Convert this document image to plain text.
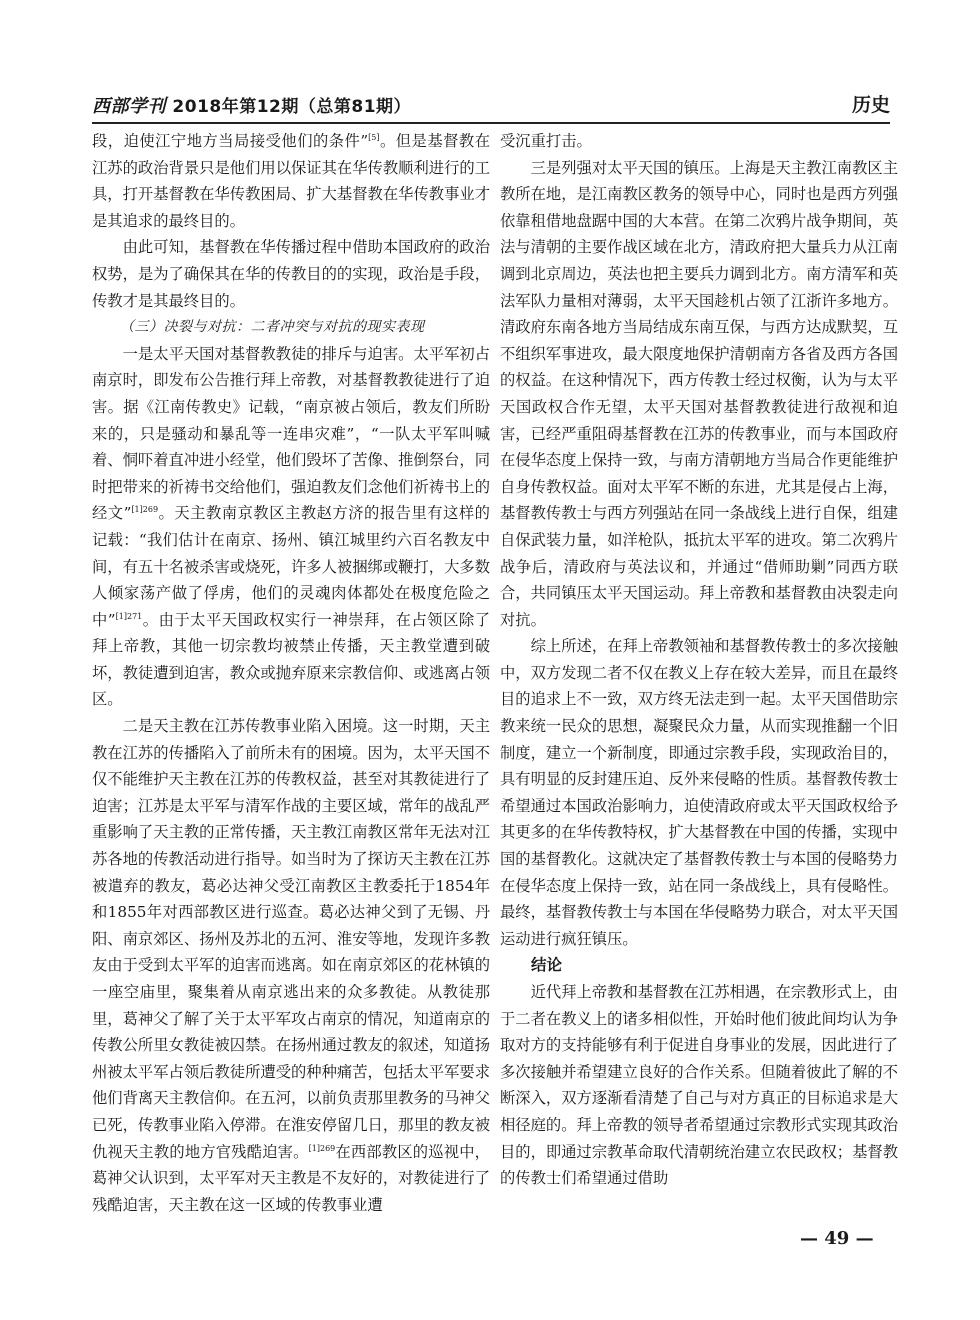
西部学刊 2018年第12期（总第81期）	历史

段，迫使江宁地方当局接受他们的条件”[5]。但是基督教在江苏的政治背景只是他们用以保证其在华传教顺利进行的工具，打开基督教在华传教困局、扩大基督教在华传教事业才是其追求的最终目的。

由此可知，基督教在华传播过程中借助本国政府的政治权势，是为了确保其在华的传教目的的实现，政治是手段，传教才是其最终目的。

（三）决裂与对抗：二者冲突与对抗的现实表现

一是太平天国对基督教教徒的排斥与迫害。太平军初占南京时，即发布公告推行拜上帝教，对基督教教徒进行了迫害。据《江南传教史》记载，“南京被占领后，教友们所盼来的，只是骚动和暴乱等一连串灾难”，“一队太平军叫喊着、恫吓着直冲进小经堂，他们毁坏了苦像、推倒祭台，同时把带来的祈祷书交给他们，强迫教友们念他们祈祷书上的经文”$^{[1]269}$。天主教南京教区主教赵方济的报告里有这样的记载：“我们估计在南京、扬州、镇江城里约六百名教友中间，有五十名被杀害或烧死，许多人被捆绑或鞭打，大多数人倾家荡产做了俘虏，他们的灵魂肉体都处在极度危险之中”$^{[1]271}$。由于太平天国政权实行一神崇拜，在占领区除了拜上帝教，其他一切宗教均被禁止传播，天主教堂遭到破坏，教徒遭到迫害，教众或抛弃原来宗教信仰、或逃离占领区。

二是天主教在江苏传教事业陷入困境。这一时期，天主教在江苏的传播陷入了前所未有的困境。因为，太平天国不仅不能维护天主教在江苏的传教权益，甚至对其教徒进行了迫害；江苏是太平军与清军作战的主要区域，常年的战乱严重影响了天主教的正常传播，天主教江南教区常年无法对江苏各地的传教活动进行指导。如当时为了探访天主教在江苏被遣弃的教友，葛必达神父受江南教区主教委托于1854年和1855年对西部教区进行巡查。葛必达神父到了无锡、丹阳、南京郊区、扬州及苏北的五河、淮安等地，发现许多教友由于受到太平军的迫害而逃离。如在南京郊区的花林镇的一座空庙里，聚集着从南京逃出来的众多教徒。从教徒那里，葛神父了解了关于太平军攻占南京的情况，知道南京的传教公所里女教徒被囚禁。在扬州通过教友的叙述，知道扬州被太平军占领后教徒所遭受的种种痛苦，包括太平军要求他们背离天主教信仰。在五河，以前负责那里教务的马神父已死，传教事业陷入停滞。在淮安停留几日，那里的教友被仇视天主教的地方官残酷迫害。$^{[1]269}$在西部教区的巡视中，葛神父认识到，太平军对天主教是不友好的，对教徒进行了残酷迫害，天主教在这一区域的传教事业遭

受沉重打击。

三是列强对太平天国的镇压。上海是天主教江南教区主教所在地，是江南教区教务的领导中心，同时也是西方列强依靠租借地盘踞中国的大本营。在第二次鸦片战争期间，英法与清朝的主要作战区域在北方，清政府把大量兵力从江南调到北京周边，英法也把主要兵力调到北方。南方清军和英法军队力量相对薄弱，太平天国趁机占领了江浙许多地方。清政府东南各地方当局结成东南互保，与西方达成默契，互不组织军事进攻，最大限度地保护清朝南方各省及西方各国的权益。在这种情况下，西方传教士经过权衡，认为与太平天国政权合作无望，太平天国对基督教教徒进行敌视和迫害，已经严重阻碍基督教在江苏的传教事业，而与本国政府在侵华态度上保持一致，与南方清朝地方当局合作更能维护自身传教权益。面对太平军不断的东进，尤其是侵占上海，基督教传教士与西方列强站在同一条战线上进行自保，组建自保武装力量，如洋枪队，抵抗太平军的进攻。第二次鸦片战争后，清政府与英法议和，并通过“借师助剿”同西方联合，共同镇压太平天国运动。拜上帝教和基督教由决裂走向对抗。

综上所述，在拜上帝教领袖和基督教传教士的多次接触中，双方发现二者不仅在教义上存在较大差异，而且在最终目的追求上不一致，双方终无法走到一起。太平天国借助宗教来统一民众的思想，凝聚民众力量，从而实现推翻一个旧制度，建立一个新制度，即通过宗教手段，实现政治目的，具有明显的反封建压迫、反外来侵略的性质。基督教传教士希望通过本国政治影响力，迫使清政府或太平天国政权给予其更多的在华传教特权，扩大基督教在中国的传播，实现中国的基督教化。这就决定了基督教传教士与本国的侵略势力在侵华态度上保持一致，站在同一条战线上，具有侵略性。最终，基督教传教士与本国在华侵略势力联合，对太平天国运动进行疯狂镇压。

结论

近代拜上帝教和基督教在江苏相遇，在宗教形式上，由于二者在教义上的诸多相似性，开始时他们彼此间均认为争取对方的支持能够有利于促进自身事业的发展，因此进行了多次接触并希望建立良好的合作关系。但随着彼此了解的不断深入，双方逐渐看清楚了自己与对方真正的目标追求是大相径庭的。拜上帝教的领导者希望通过宗教形式实现其政治目的，即通过宗教革命取代清朝统治建立农民政权；基督教的传教士们希望通过借助

— 49 —
